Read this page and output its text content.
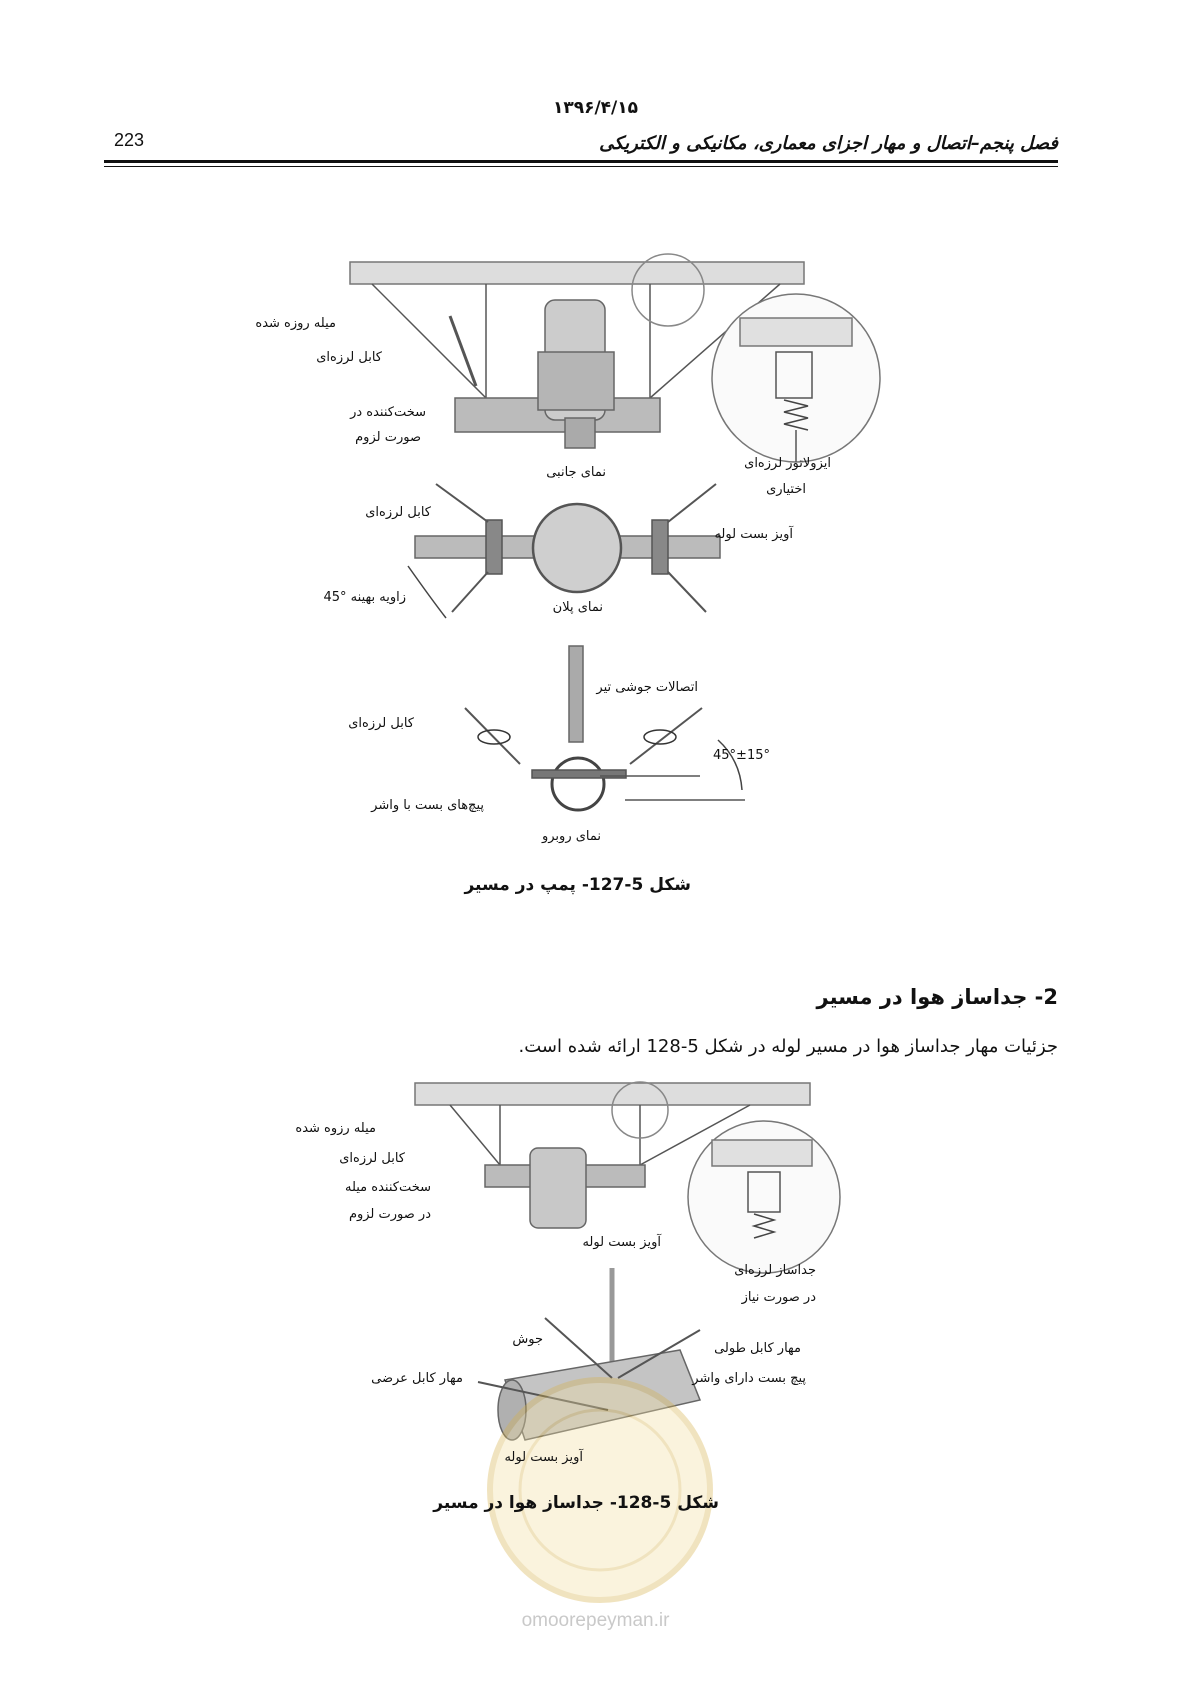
۱۳۹۶/۴/۱۵
223	فصل پنجم–اتصال و مهار اجزای معماری، مکانیکی و الکتریکی
میله روزه شده
کابل لرزه‌ای
سخت‌کننده در
صورت لزوم
نمای جانبی
ایزولاتور لرزه‌ای
اختیاری
کابل لرزه‌ای
آویز بست لوله
زاویه بهینه °45
نمای پلان
اتصالات جوشی تیر
کابل لرزه‌ای
45°±15°
پیچ‌های بست با واشر
نمای روبرو
شکل 5-127- پمپ در مسیر
2- جداساز هوا در مسیر
جزئیات مهار جداساز هوا در مسیر لوله در شکل 5-128 ارائه شده است.
میله رزوه شده
کابل لرزه‌ای
سخت‌کننده میله
در صورت لزوم
آویز بست لوله
جداساز لرزه‌ای
در صورت نیاز
جوش
مهار کابل طولی
مهار کابل عرضی	پیچ بست دارای واشر
آویز بست لوله
شکل 5-128- جداساز هوا در مسیر
omoorepeyman.ir
